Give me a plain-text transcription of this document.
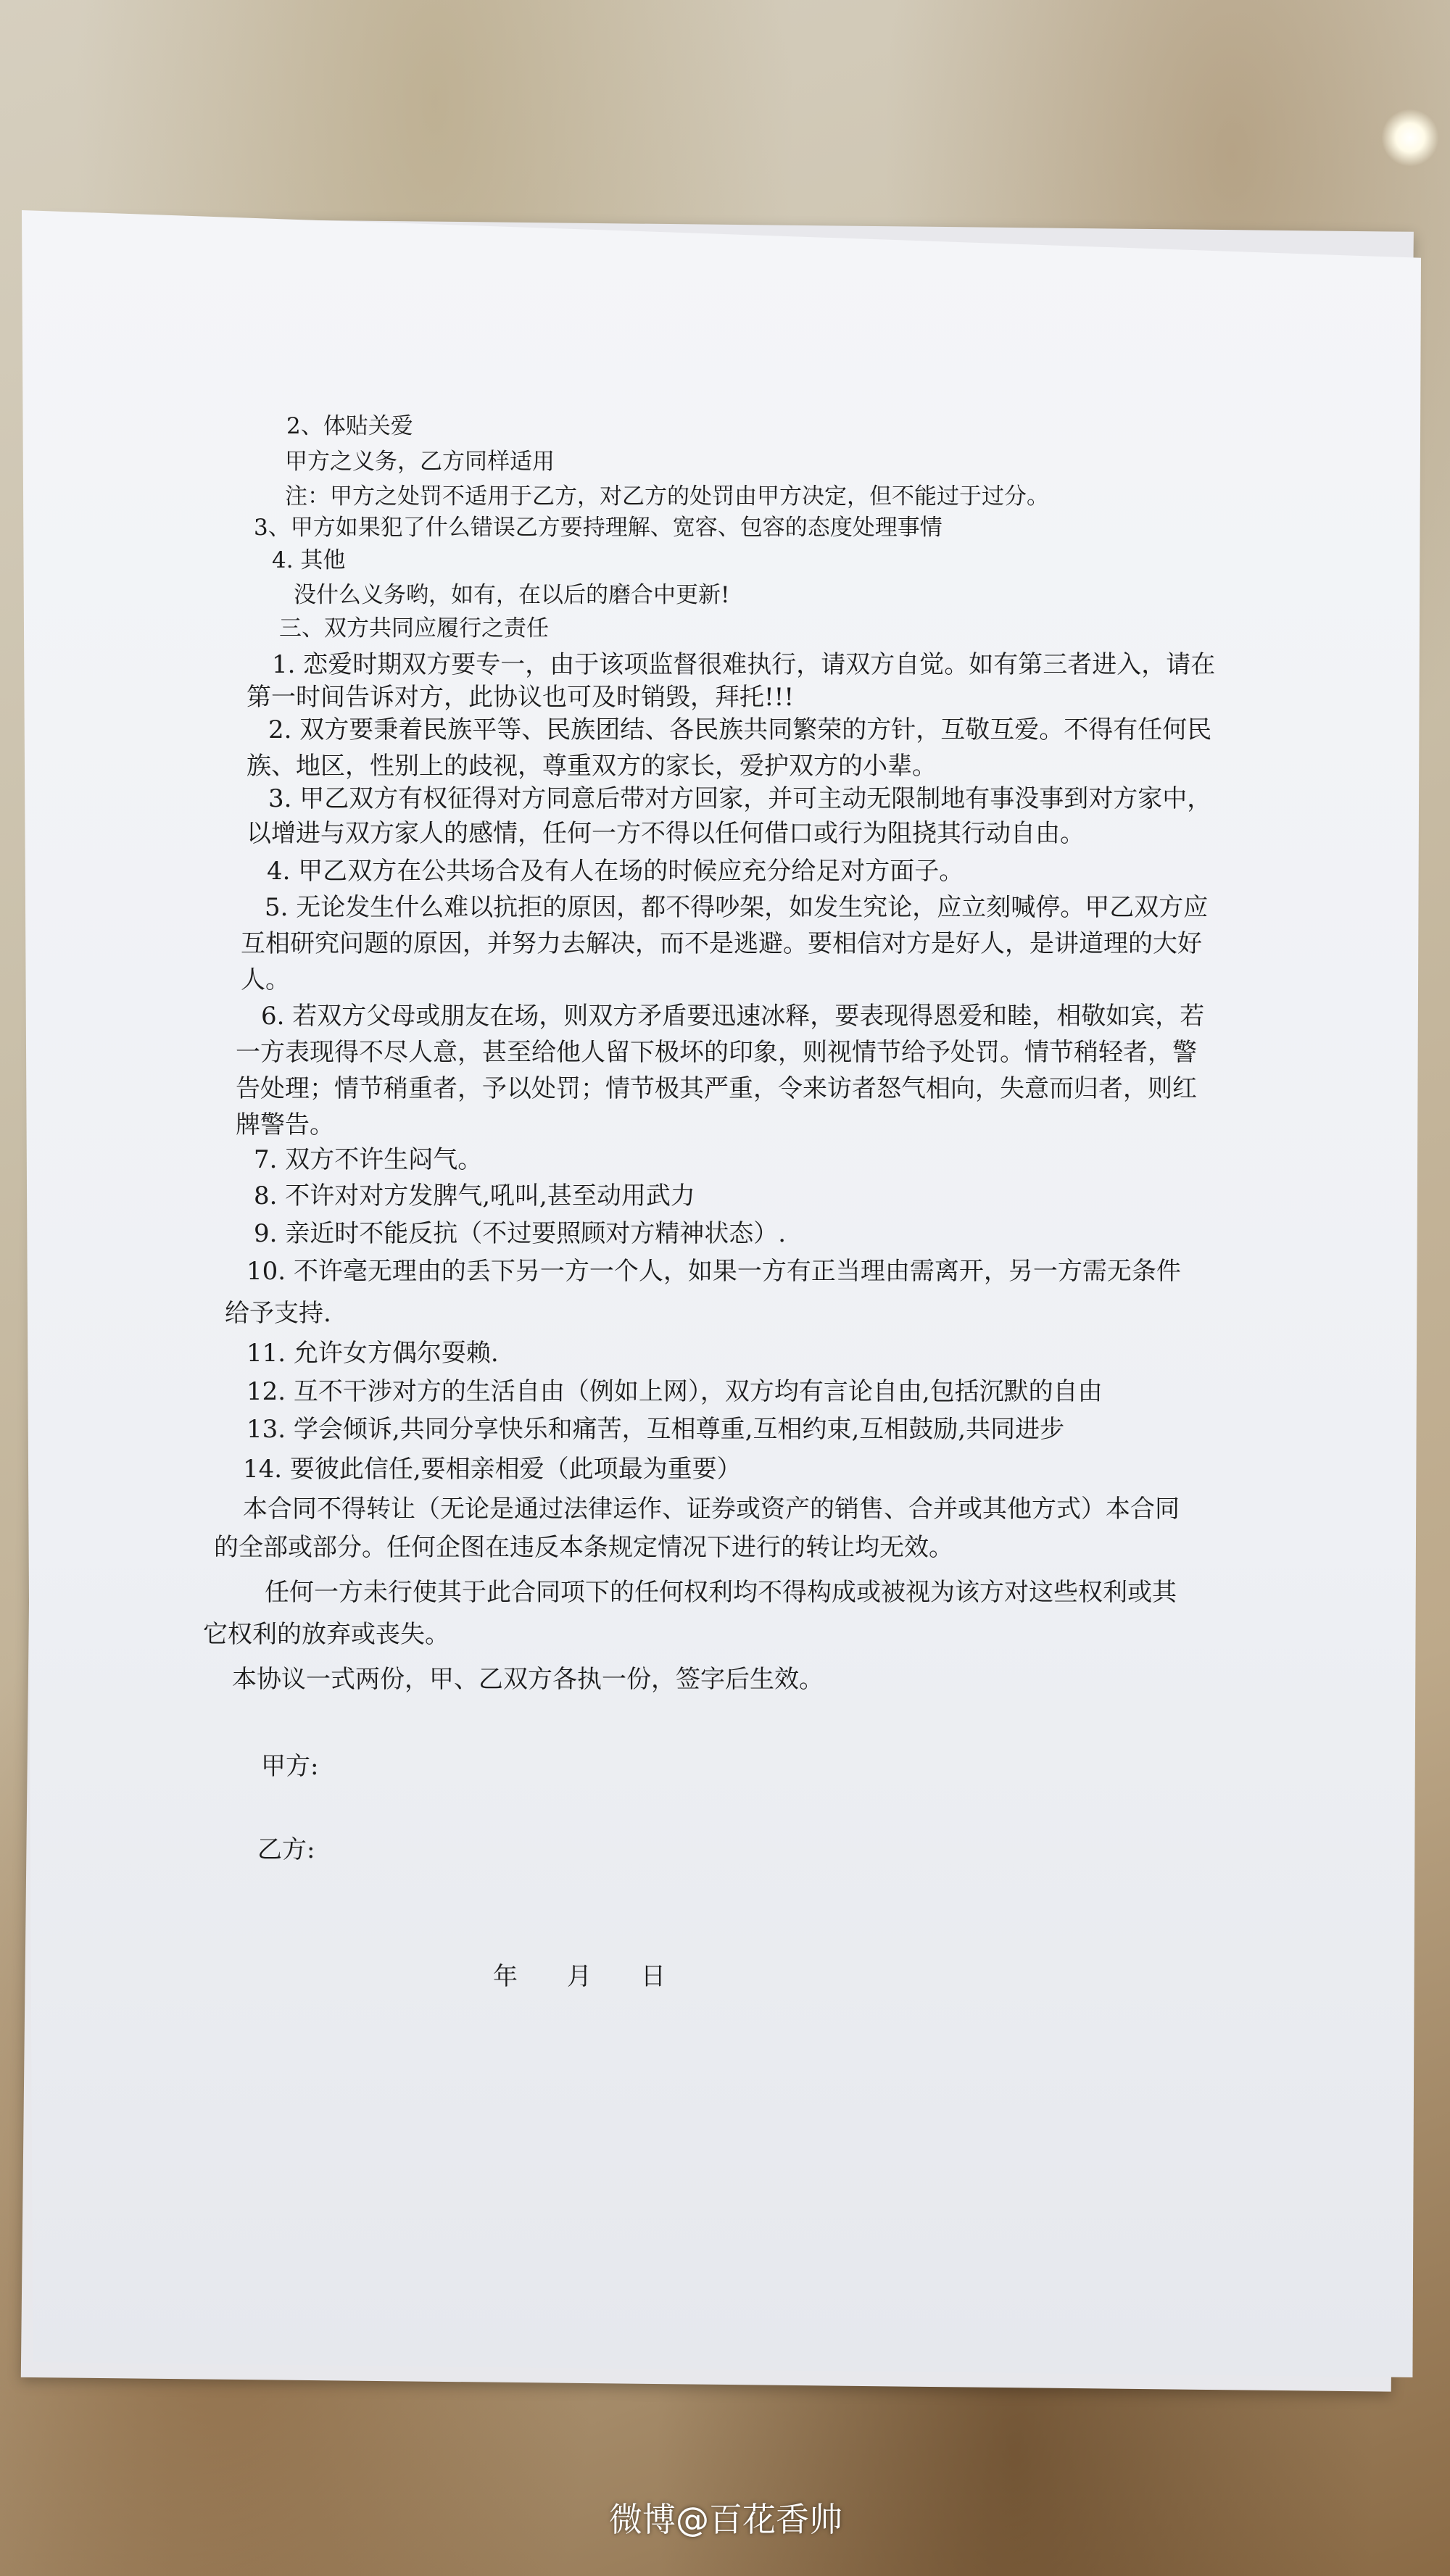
2、体贴关爱
甲方之义务，乙方同样适用
注：甲方之处罚不适用于乙方，对乙方的处罚由甲方决定，但不能过于过分。
3、甲方如果犯了什么错误乙方要持理解、宽容、包容的态度处理事情
4. 其他
没什么义务哟，如有，在以后的磨合中更新!
三、双方共同应履行之责任
1. 恋爱时期双方要专一，由于该项监督很难执行，请双方自觉。如有第三者进入，请在
第一时间告诉对方，此协议也可及时销毁，拜托!!!
2. 双方要秉着民族平等、民族团结、各民族共同繁荣的方针，互敬互爱。不得有任何民
族、地区，性别上的歧视，尊重双方的家长，爱护双方的小辈。
3. 甲乙双方有权征得对方同意后带对方回家，并可主动无限制地有事没事到对方家中，
以增进与双方家人的感情，任何一方不得以任何借口或行为阻挠其行动自由。
4. 甲乙双方在公共场合及有人在场的时候应充分给足对方面子。
5. 无论发生什么难以抗拒的原因，都不得吵架，如发生究论，应立刻喊停。甲乙双方应
互相研究问题的原因，并努力去解决，而不是逃避。要相信对方是好人，是讲道理的大好
人。
6. 若双方父母或朋友在场，则双方矛盾要迅速冰释，要表现得恩爱和睦，相敬如宾，若
一方表现得不尽人意，甚至给他人留下极坏的印象，则视情节给予处罚。情节稍轻者，警
告处理；情节稍重者，予以处罚；情节极其严重，令来访者怒气相向，失意而归者，则红
牌警告。
7. 双方不许生闷气。
8. 不许对对方发脾气,吼叫,甚至动用武力
9. 亲近时不能反抗（不过要照顾对方精神状态）.
10. 不许毫无理由的丢下另一方一个人，如果一方有正当理由需离开，另一方需无条件
给予支持.
11. 允许女方偶尔耍赖.
12. 互不干涉对方的生活自由（例如上网），双方均有言论自由,包括沉默的自由
13. 学会倾诉,共同分享快乐和痛苦，互相尊重,互相约束,互相鼓励,共同进步
14. 要彼此信任,要相亲相爱（此项最为重要）
本合同不得转让（无论是通过法律运作、证券或资产的销售、合并或其他方式）本合同
的全部或部分。任何企图在违反本条规定情况下进行的转让均无效。
任何一方未行使其于此合同项下的任何权利均不得构成或被视为该方对这些权利或其
它权利的放弃或丧失。
本协议一式两份，甲、乙双方各执一份，签字后生效。
甲方:
乙方:
年　　月　　日
微博@百花香帅
